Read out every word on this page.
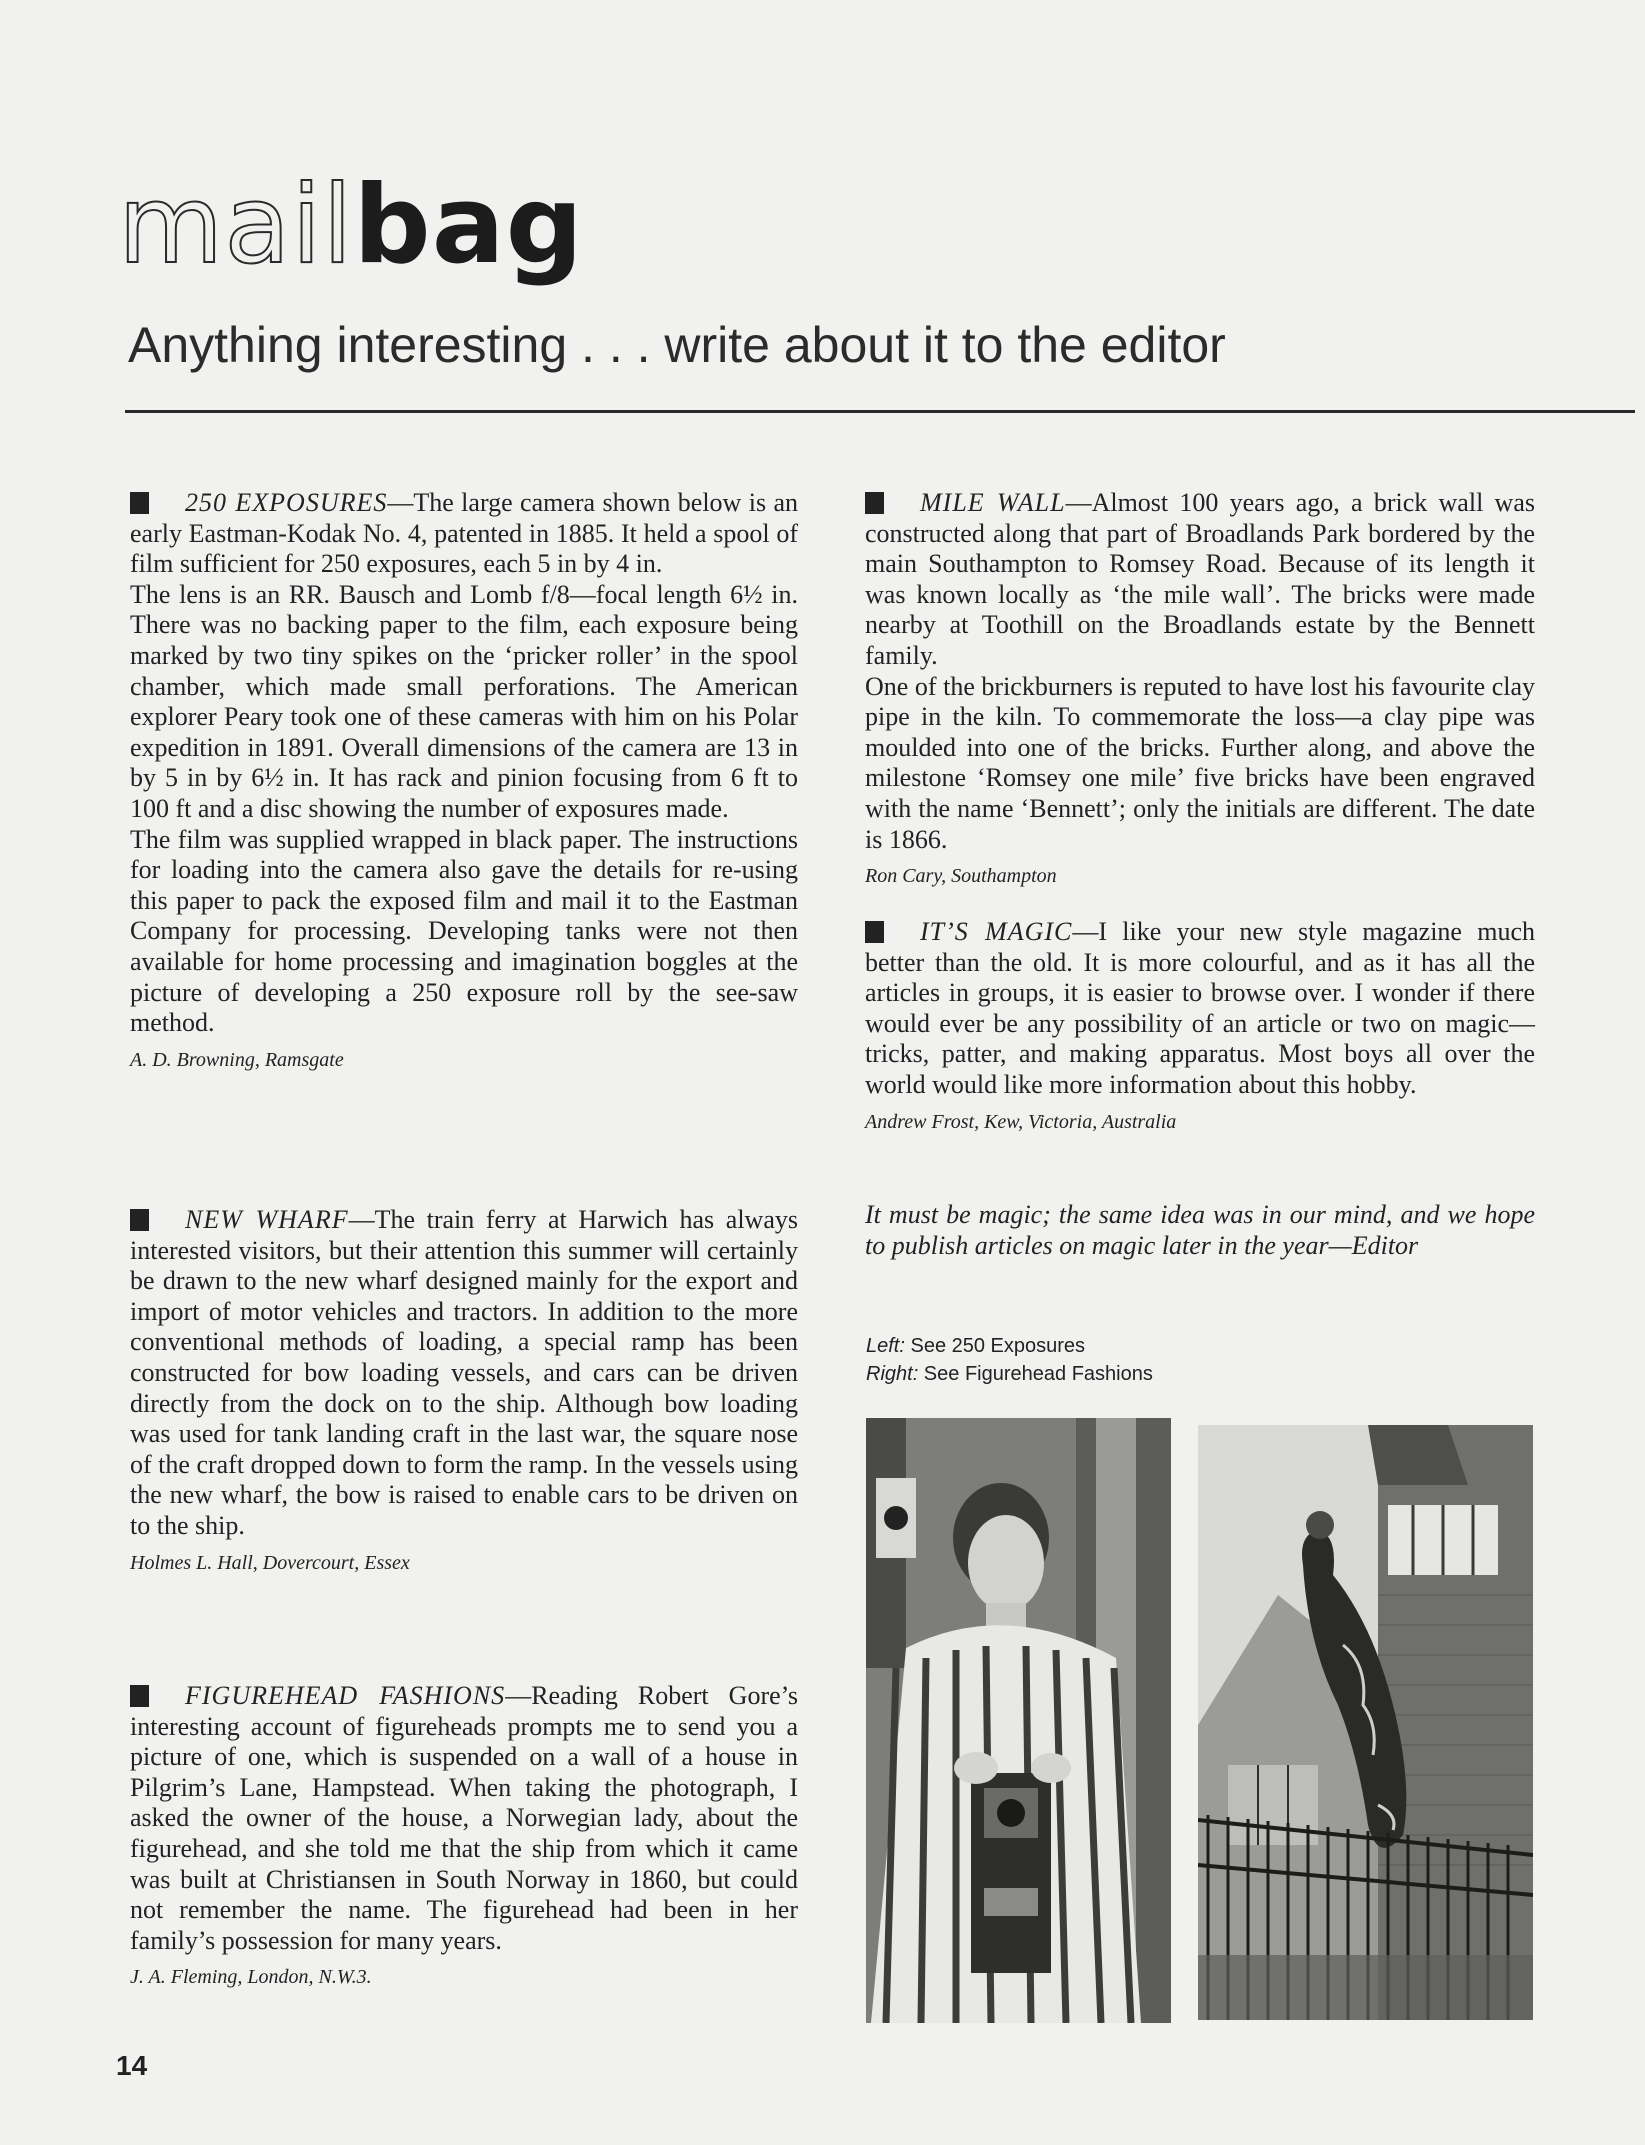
mailbag
Anything interesting . . . write about it to the editor

250 EXPOSURES—The large camera shown below is an early Eastman-Kodak No. 4, patented in 1885. It held a spool of film sufficient for 250 exposures, each 5 in by 4 in.

The lens is an RR. Bausch and Lomb f/8—focal length 6½ in. There was no backing paper to the film, each exposure being marked by two tiny spikes on the ‘pricker roller’ in the spool chamber, which made small perforations. The American explorer Peary took one of these cameras with him on his Polar expedition in 1891. Overall dimensions of the camera are 13 in by 5 in by 6½ in. It has rack and pinion focusing from 6 ft to 100 ft and a disc showing the number of exposures made.

The film was supplied wrapped in black paper. The instructions for loading into the camera also gave the details for re-using this paper to pack the exposed film and mail it to the Eastman Company for processing. Developing tanks were not then available for home processing and imagination boggles at the picture of developing a 250 exposure roll by the see-saw method.

A. D. Browning, Ramsgate

NEW WHARF—The train ferry at Harwich has always interested visitors, but their attention this summer will certainly be drawn to the new wharf designed mainly for the export and import of motor vehicles and tractors. In addition to the more conventional methods of loading, a special ramp has been constructed for bow loading vessels, and cars can be driven directly from the dock on to the ship. Although bow loading was used for tank landing craft in the last war, the square nose of the craft dropped down to form the ramp. In the vessels using the new wharf, the bow is raised to enable cars to be driven on to the ship.

Holmes L. Hall, Dovercourt, Essex

FIGUREHEAD FASHIONS—Reading Robert Gore’s interesting account of figureheads prompts me to send you a picture of one, which is suspended on a wall of a house in Pilgrim’s Lane, Hampstead. When taking the photograph, I asked the owner of the house, a Norwegian lady, about the figurehead, and she told me that the ship from which it came was built at Christiansen in South Norway in 1860, but could not remember the name. The figurehead had been in her family’s possession for many years.

J. A. Fleming, London, N.W.3.

MILE WALL—Almost 100 years ago, a brick wall was constructed along that part of Broadlands Park bordered by the main Southampton to Romsey Road. Because of its length it was known locally as ‘the mile wall’. The bricks were made nearby at Toothill on the Broadlands estate by the Bennett family.

One of the brickburners is reputed to have lost his favourite clay pipe in the kiln. To commemorate the loss—a clay pipe was moulded into one of the bricks. Further along, and above the milestone ‘Romsey one mile’ five bricks have been engraved with the name ‘Bennett’; only the initials are different. The date is 1866.

Ron Cary, Southampton

IT’S MAGIC—I like your new style magazine much better than the old. It is more colourful, and as it has all the articles in groups, it is easier to browse over. I wonder if there would ever be any possibility of an article or two on magic—tricks, patter, and making apparatus. Most boys all over the world would like more information about this hobby.

Andrew Frost, Kew, Victoria, Australia

It must be magic; the same idea was in our mind, and we hope to publish articles on magic later in the year—Editor

Left: See 250 Exposures
Right: See Figurehead Fashions
14
